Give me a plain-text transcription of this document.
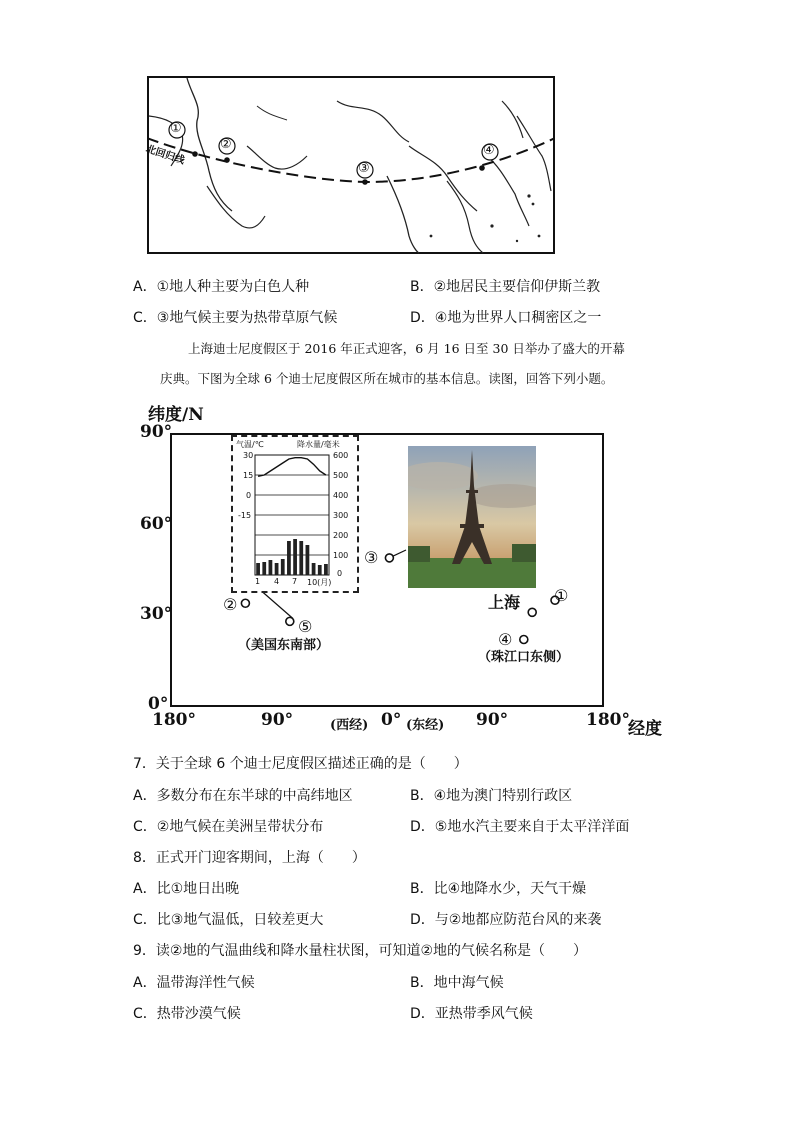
①
②
③
④
北回归线
A．①地人种主要为白色人种	B．②地居民主要信仰伊斯兰教
C．③地气候主要为热带草原气候	D．④地为世界人口稠密区之一
上海迪士尼度假区于 2016 年正式迎客，6 月 16 日至 30 日举办了盛大的开幕
庆典。下图为全球 6 个迪士尼度假区所在城市的基本信息。读图，回答下列小题。
纬度/N
经度
90°
60°
30°
0°
180°	90°	(西经) 0° (东经) 90°	180°
①
上海
②
③
④
（珠江口东侧）
⑤
（美国东南部）
气温/℃	降水量/毫米
30
15
0
-15
600
500
400
300
200
100
0
1 4 7 10(月)
7．关于全球 6 个迪士尼度假区描述正确的是（　　）
A．多数分布在东半球的中高纬地区	B．④地为澳门特别行政区
C．②地气候在美洲呈带状分布	D．⑤地水汽主要来自于太平洋洋面
8．正式开门迎客期间，上海（　　）
A．比①地日出晚	B．比④地降水少，天气干燥
C．比③地气温低，日较差更大	D．与②地都应防范台风的来袭
9．读②地的气温曲线和降水量柱状图，可知道②地的气候名称是（　　）
A．温带海洋性气候	B．地中海气候
C．热带沙漠气候	D．亚热带季风气候
